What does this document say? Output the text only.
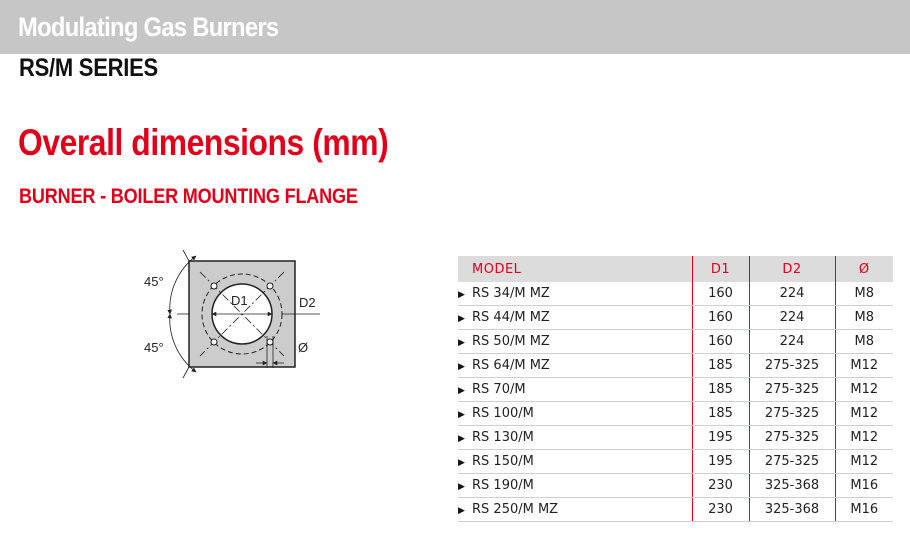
Modulating Gas Burners
RS/M SERIES
Overall dimensions (mm)
BURNER - BOILER MOUNTING FLANGE
D1	D2
Ø
45°
45°
MODEL	D1	D2	Ø
▶ RS 34/M MZ	160	224	M8
▶ RS 44/M MZ	160	224	M8
▶ RS 50/M MZ	160	224	M8
▶ RS 64/M MZ	185	275-325	M12
▶ RS 70/M	185	275-325	M12
▶ RS 100/M	185	275-325	M12
▶ RS 130/M	195	275-325	M12
▶ RS 150/M	195	275-325	M12
▶ RS 190/M	230	325-368	M16
▶ RS 250/M MZ	230	325-368	M16
